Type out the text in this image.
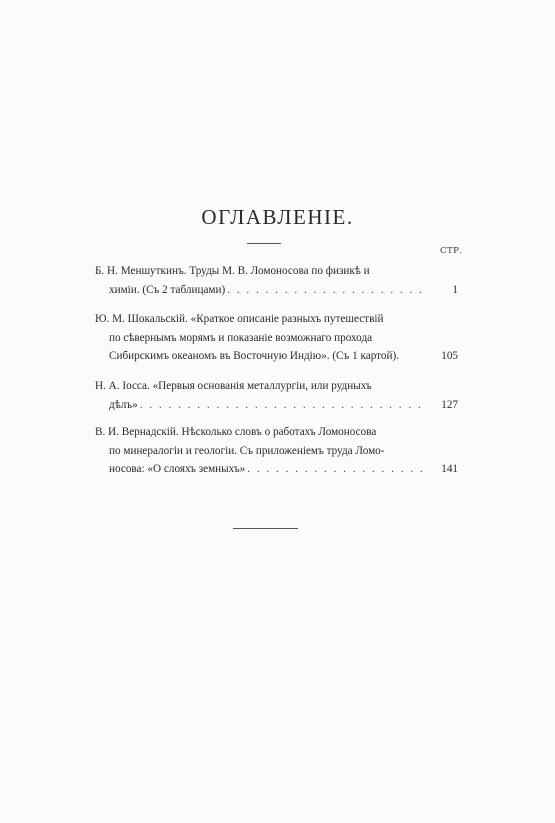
ОГЛАВЛЕНІЕ.
СТР.
Б. Н. Меншуткинъ. Труды М. В. Ломоносова по физикѣ и
химіи. (Съ 2 таблицами) . . .	1
Ю. М. Шокальскій. «Краткое описаніе разныхъ путешествій
по сѣвернымъ морямъ и показаніе возможнаго прохода
Сибирскимъ океаномъ въ Восточную Индію». (Съ 1 картой).	105
Н. А. Іосса. «Первыя основанія металлургіи, или рудныхъ
дѣлъ» . . .	127
В. И. Вернадскій. Нѣсколько словъ о работахъ Ломоносова
по минералогіи и геологіи. Съ приложеніемъ труда Ломо-
носова: «О слояхъ земныхъ» . . .	141
